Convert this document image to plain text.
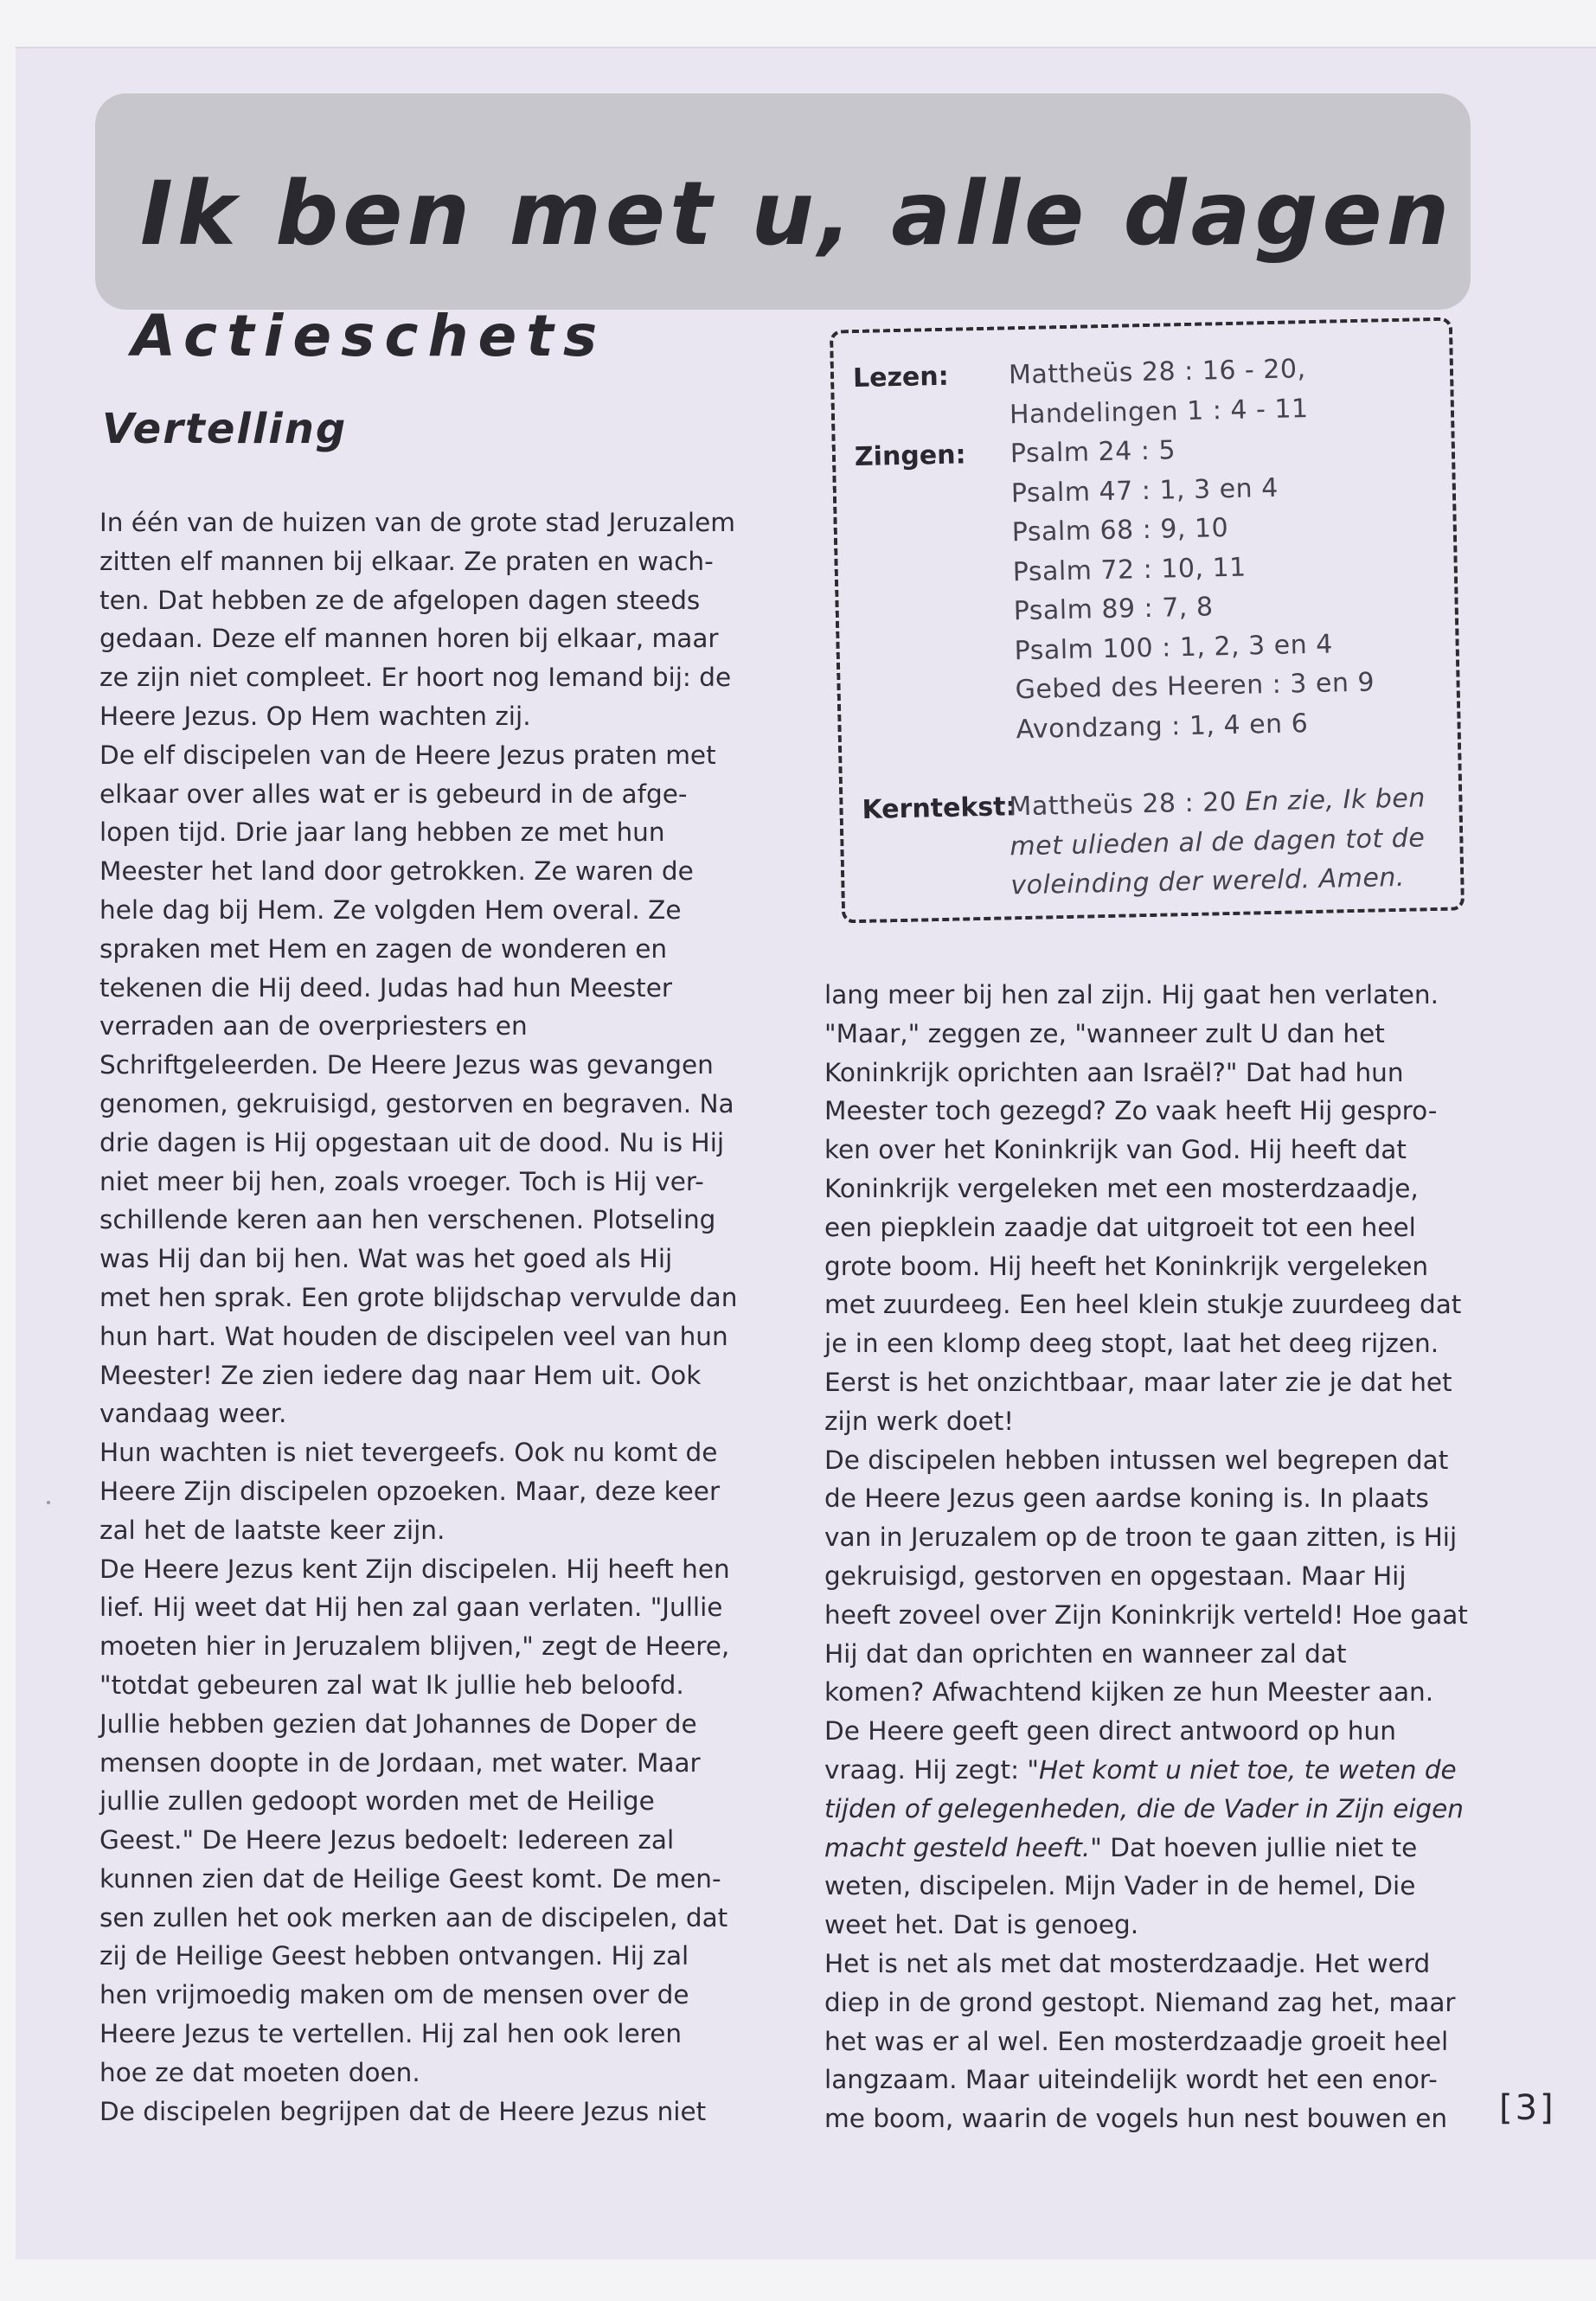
Ik ben met u, alle dagen
Actieschets
Vertelling
Lezen:	Mattheüs 28 : 16 - 20,
Handelingen 1 : 4 - 11
Zingen:	Psalm 24 : 5
Psalm 47 : 1, 3 en 4
Psalm 68 : 9, 10
Psalm 72 : 10, 11
Psalm 89 : 7, 8
Psalm 100 : 1, 2, 3 en 4
Gebed des Heeren : 3 en 9
Avondzang : 1, 4 en 6
Kerntekst:
Mattheüs 28 : 20 En zie, Ik ben
met ulieden al de dagen tot de
voleinding der wereld. Amen.

In één van de huizen van de grote stad Jeruzalem

zitten elf mannen bij elkaar. Ze praten en wach-

ten. Dat hebben ze de afgelopen dagen steeds

gedaan. Deze elf mannen horen bij elkaar, maar

ze zijn niet compleet. Er hoort nog Iemand bij: de

Heere Jezus. Op Hem wachten zij.

De elf discipelen van de Heere Jezus praten met

elkaar over alles wat er is gebeurd in de afge-

lopen tijd. Drie jaar lang hebben ze met hun

Meester het land door getrokken. Ze waren de

hele dag bij Hem. Ze volgden Hem overal. Ze

spraken met Hem en zagen de wonderen en

tekenen die Hij deed. Judas had hun Meester

verraden aan de overpriesters en

Schriftgeleerden. De Heere Jezus was gevangen

genomen, gekruisigd, gestorven en begraven. Na

drie dagen is Hij opgestaan uit de dood. Nu is Hij

niet meer bij hen, zoals vroeger. Toch is Hij ver-

schillende keren aan hen verschenen. Plotseling

was Hij dan bij hen. Wat was het goed als Hij

met hen sprak. Een grote blijdschap vervulde dan

hun hart. Wat houden de discipelen veel van hun

Meester! Ze zien iedere dag naar Hem uit. Ook

vandaag weer.

Hun wachten is niet tevergeefs. Ook nu komt de

Heere Zijn discipelen opzoeken. Maar, deze keer

zal het de laatste keer zijn.

De Heere Jezus kent Zijn discipelen. Hij heeft hen

lief. Hij weet dat Hij hen zal gaan verlaten. "Jullie

moeten hier in Jeruzalem blijven," zegt de Heere,

"totdat gebeuren zal wat Ik jullie heb beloofd.

Jullie hebben gezien dat Johannes de Doper de

mensen doopte in de Jordaan, met water. Maar

jullie zullen gedoopt worden met de Heilige

Geest." De Heere Jezus bedoelt: Iedereen zal

kunnen zien dat de Heilige Geest komt. De men-

sen zullen het ook merken aan de discipelen, dat

zij de Heilige Geest hebben ontvangen. Hij zal

hen vrijmoedig maken om de mensen over de

Heere Jezus te vertellen. Hij zal hen ook leren

hoe ze dat moeten doen.

De discipelen begrijpen dat de Heere Jezus niet

lang meer bij hen zal zijn. Hij gaat hen verlaten.

"Maar," zeggen ze, "wanneer zult U dan het

Koninkrijk oprichten aan Israël?" Dat had hun

Meester toch gezegd? Zo vaak heeft Hij gespro-

ken over het Koninkrijk van God. Hij heeft dat

Koninkrijk vergeleken met een mosterdzaadje,

een piepklein zaadje dat uitgroeit tot een heel

grote boom. Hij heeft het Koninkrijk vergeleken

met zuurdeeg. Een heel klein stukje zuurdeeg dat

je in een klomp deeg stopt, laat het deeg rijzen.

Eerst is het onzichtbaar, maar later zie je dat het

zijn werk doet!

De discipelen hebben intussen wel begrepen dat

de Heere Jezus geen aardse koning is. In plaats

van in Jeruzalem op de troon te gaan zitten, is Hij

gekruisigd, gestorven en opgestaan. Maar Hij

heeft zoveel over Zijn Koninkrijk verteld! Hoe gaat

Hij dat dan oprichten en wanneer zal dat

komen? Afwachtend kijken ze hun Meester aan.

De Heere geeft geen direct antwoord op hun

vraag. Hij zegt: "Het komt u niet toe, te weten de

tijden of gelegenheden, die de Vader in Zijn eigen

macht gesteld heeft." Dat hoeven jullie niet te

weten, discipelen. Mijn Vader in de hemel, Die

weet het. Dat is genoeg.

Het is net als met dat mosterdzaadje. Het werd

diep in de grond gestopt. Niemand zag het, maar

het was er al wel. Een mosterdzaadje groeit heel

langzaam. Maar uiteindelijk wordt het een enor-

me boom, waarin de vogels hun nest bouwen en	[3]
